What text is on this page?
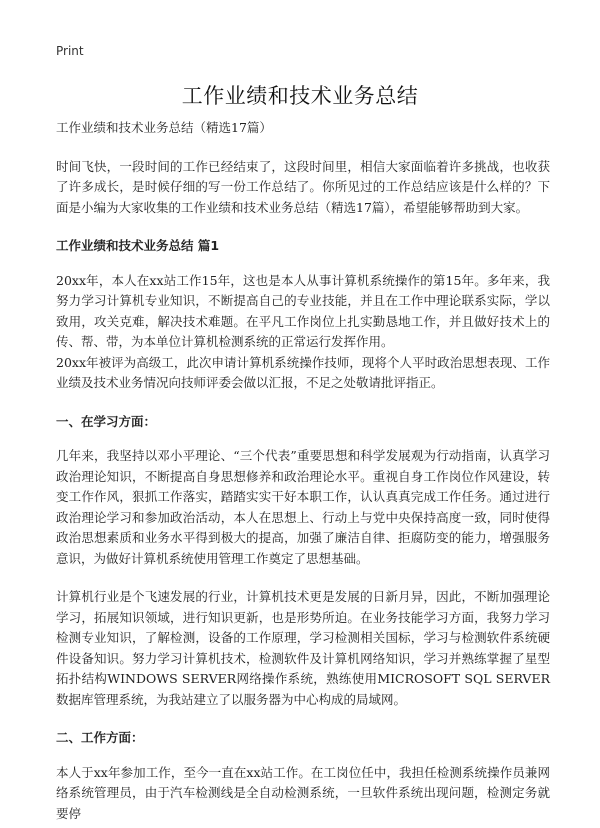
Print
工作业绩和技术业务总结

工作业绩和技术业务总结（精选17篇）

时间飞快，一段时间的工作已经结束了，这段时间里，相信大家面临着许多挑战，也收获了许多成长，是时候仔细的写一份工作总结了。你所见过的工作总结应该是什么样的？下面是小编为大家收集的工作业绩和技术业务总结（精选17篇），希望能够帮助到大家。

工作业绩和技术业务总结 篇1

20xx年，本人在xx站工作15年，这也是本人从事计算机系统操作的第15年。多年来，我努力学习计算机专业知识，不断提高自己的专业技能，并且在工作中理论联系实际，学以致用，攻关克难，解决技术难题。在平凡工作岗位上扎实勤恳地工作，并且做好技术上的传、帮、带，为本单位计算机检测系统的正常运行发挥作用。

20xx年被评为高级工，此次申请计算机系统操作技师，现将个人平时政治思想表现、工作业绩及技术业务情况向技师评委会做以汇报，不足之处敬请批评指正。

一、在学习方面：

几年来，我坚持以邓小平理论、“三个代表”重要思想和科学发展观为行动指南，认真学习政治理论知识，不断提高自身思想修养和政治理论水平。重视自身工作岗位作风建设，转变工作作风，狠抓工作落实，踏踏实实干好本职工作，认认真真完成工作任务。通过进行政治理论学习和参加政治活动，本人在思想上、行动上与党中央保持高度一致，同时使得政治思想素质和业务水平得到极大的提高，加强了廉洁自律、拒腐防变的能力，增强服务意识，为做好计算机系统使用管理工作奠定了思想基础。

计算机行业是个飞速发展的行业，计算机技术更是发展的日新月异，因此，不断加强理论学习，拓展知识领域，进行知识更新，也是形势所迫。在业务技能学习方面，我努力学习检测专业知识，了解检测，设备的工作原理，学习检测相关国标，学习与检测软件系统硬件设备知识。努力学习计算机技术，检测软件及计算机网络知识，学习并熟练掌握了星型拓扑结构WINDOWS SERVER网络操作系统，熟练使用MICROSOFT SQL SERVER 数据库管理系统，为我站建立了以服务器为中心构成的局域网。

二、工作方面：

本人于xx年参加工作，至今一直在xx站工作。在工岗位任中，我担任检测系统操作员兼网络系统管理员，由于汽车检测线是全自动检测系统，一旦软件系统出现问题，检测定务就要停
